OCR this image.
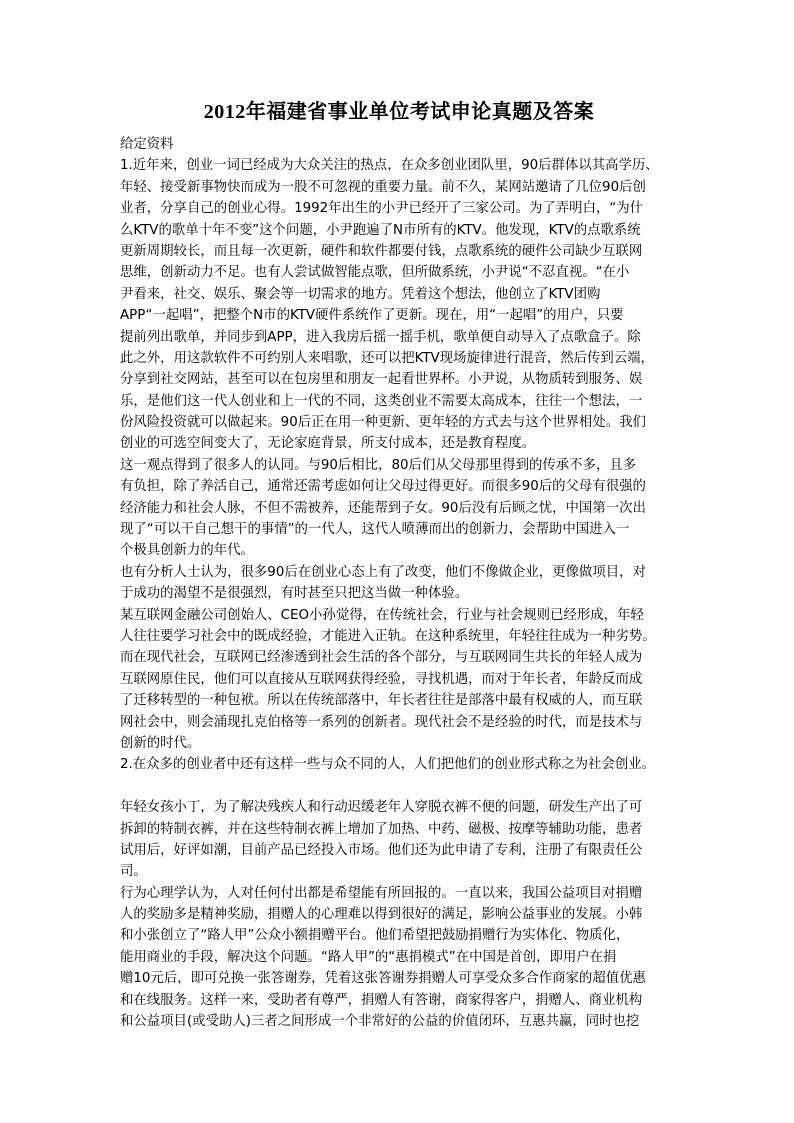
2012年福建省事业单位考试申论真题及答案
给定资料
1.近年来，创业一词已经成为大众关注的热点，在众多创业团队里，90后群体以其高学历、
年轻、接受新事物快而成为一股不可忽视的重要力量。前不久，某网站邀请了几位90后创
业者，分享自己的创业心得。1992年出生的小尹已经开了三家公司。为了弄明白，“为什
么KTV的歌单十年不变”这个问题，小尹跑遍了N市所有的KTV。他发现，KTV的点歌系统
更新周期较长，而且每一次更新，硬件和软件都要付钱，点歌系统的硬件公司缺少互联网
思维，创新动力不足。也有人尝试做智能点歌，但所做系统，小尹说“不忍直视。“在小
尹看来，社交、娱乐、聚会等一切需求的地方。凭着这个想法，他创立了KTV团购
APP“一起唱”，把整个N市的KTV硬件系统作了更新。现在，用“一起唱”的用户，只要
提前列出歌单，并同步到APP，进入我房后摇一摇手机，歌单便自动导入了点歌盒子。除
此之外，用这款软件不可约别人来唱歌，还可以把KTV现场旋律进行混音，然后传到云端，
分享到社交网站，甚至可以在包房里和朋友一起看世界杯。小尹说，从物质转到服务、娱
乐，是他们这一代人创业和上一代的不同，这类创业不需要太高成本，往往一个想法，一
份风险投资就可以做起来。90后正在用一种更新、更年轻的方式去与这个世界相处。我们
创业的可选空间变大了，无论家庭背景，所支付成本，还是教育程度。
这一观点得到了很多人的认同。与90后相比，80后们从父母那里得到的传承不多，且多
有负担，除了养活自己，通常还需考虑如何让父母过得更好。而很多90后的父母有很强的
经济能力和社会人脉，不但不需被养，还能帮到子女。90后没有后顾之忧，中国第一次出
现了“可以干自己想干的事情”的一代人，这代人喷薄而出的创新力，会帮助中国进入一
个极具创新力的年代。
也有分析人士认为，很多90后在创业心态上有了改变，他们不像做企业，更像做项目，对
于成功的渴望不是很强烈，有时甚至只把这当做一种体验。
某互联网金融公司创始人、CEO小孙觉得，在传统社会，行业与社会规则已经形成，年轻
人往往要学习社会中的既成经验，才能进入正轨。在这种系统里，年轻往往成为一种劣势。
而在现代社会，互联网已经渗透到社会生活的各个部分，与互联网同生共长的年轻人成为
互联网原住民，他们可以直接从互联网获得经验，寻找机遇，而对于年长者，年龄反而成
了迁移转型的一种包袱。所以在传统部落中，年长者往往是部落中最有权威的人，而互联
网社会中，则会涌现扎克伯格等一系列的创新者。现代社会不是经验的时代，而是技术与
创新的时代。
2.在众多的创业者中还有这样一些与众不同的人，人们把他们的创业形式称之为社会创业。
年轻女孩小丁，为了解决残疾人和行动迟缓老年人穿脱衣裤不便的问题，研发生产出了可
拆卸的特制衣裤，并在这些特制衣裤上增加了加热、中药、磁极、按摩等辅助功能，患者
试用后，好评如潮，目前产品已经投入市场。他们还为此申请了专利，注册了有限责任公
司。
行为心理学认为，人对任何付出都是希望能有所回报的。一直以来，我国公益项目对捐赠
人的奖励多是精神奖励，捐赠人的心理难以得到很好的满足，影响公益事业的发展。小韩
和小张创立了“路人甲”公众小额捐赠平台。他们希望把鼓励捐赠行为实体化、物质化，
能用商业的手段，解决这个问题。“路人甲”的“惠捐模式”在中国是首创，即用户在捐
赠10元后，即可兑换一张答谢券，凭着这张答谢券捐赠人可享受众多合作商家的超值优惠
和在线服务。这样一来，受助者有尊严，捐赠人有答谢，商家得客户，捐赠人、商业机构
和公益项目(或受助人)三者之间形成一个非常好的公益的价值闭环，互惠共赢，同时也挖
